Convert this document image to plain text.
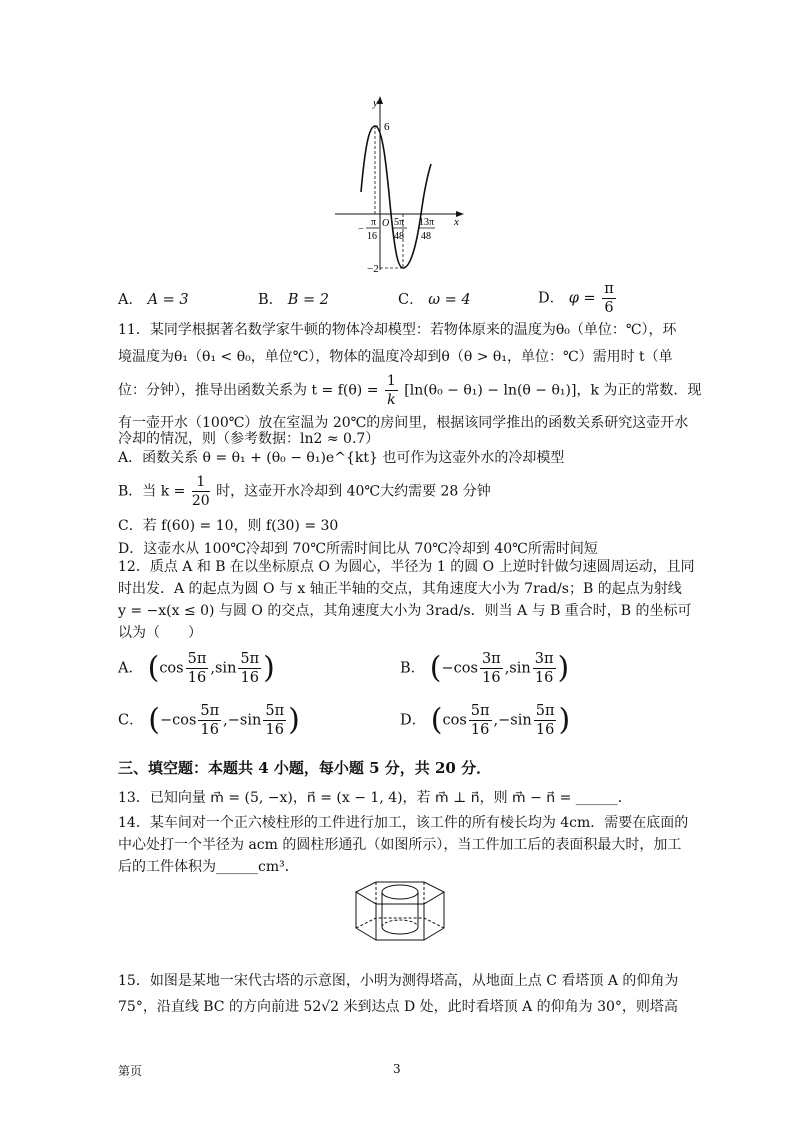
y
x
6
−2
O
−
π
16
5π
48
13π
48
A． A = 3	B． B = 2	C． ω = 4	D． $\varphi = \frac{\pi}{6}$
11．某同学根据著名数学家牛顿的物体冷却模型：若物体原来的温度为θ₀（单位：℃），环
境温度为θ₁（θ₁ < θ₀，单位℃），物体的温度冷却到θ（θ > θ₁，单位：℃）需用时 t（单
位：分钟），推导出函数关系为 $t = f(\theta) = \frac{1}{k} [\ln(\theta_0 - \theta_1) - \ln(\theta - \theta_1)]$，k 为正的常数．现
有一壶开水（100℃）放在室温为 20℃的房间里，根据该同学推出的函数关系研究这壶开水
冷却的情况，则（参考数据：ln2 ≈ 0.7）
A．函数关系 θ = θ₁ + (θ₀ − θ₁)e^{kt} 也可作为这壶外水的冷却模型
B．当 $k = \frac{1}{20}$ 时，这壶开水冷却到 40℃大约需要 28 分钟
C．若 f(60) = 10，则 f(30) = 30
D．这壶水从 100℃冷却到 70℃所需时间比从 70℃冷却到 40℃所需时间短
12．质点 A 和 B 在以坐标原点 O 为圆心，半径为 1 的圆 O 上逆时针做匀速圆周运动，且同
时出发．A 的起点为圆 O 与 x 轴正半轴的交点，其角速度大小为 7rad/s；B 的起点为射线
y = −x(x ≤ 0) 与圆 O 的交点，其角速度大小为 3rad/s．则当 A 与 B 重合时，B 的坐标可
以为（　　）
A． ($\cos \frac{5\pi}{16} ,\sin \frac{5\pi}{16}$ )	B． ($-\cos \frac{3\pi}{16} ,\sin \frac{3\pi}{16}$ )
C． ($-\cos \frac{5\pi}{16} ,-\sin \frac{5\pi}{16}$ )	D． ($\cos \frac{5\pi}{16} ,-\sin \frac{5\pi}{16}$ )
三、填空题：本题共 4 小题，每小题 5 分，共 20 分．
13．已知向量 m⃗ = (5, −x)，n⃗ = (x − 1, 4)，若 m⃗ ⊥ n⃗，则 m⃗ − n⃗ = ______．
14．某车间对一个正六棱柱形的工件进行加工，该工件的所有棱长均为 4cm．需要在底面的
中心处打一个半径为 acm 的圆柱形通孔（如图所示），当工件加工后的表面积最大时，加工
后的工件体积为______cm³．
15．如图是某地一宋代古塔的示意图，小明为测得塔高，从地面上点 C 看塔顶 A 的仰角为
75°，沿直线 BC 的方向前进 52√2 米到达点 D 处，此时看塔顶 A 的仰角为 30°，则塔高
第页	3
